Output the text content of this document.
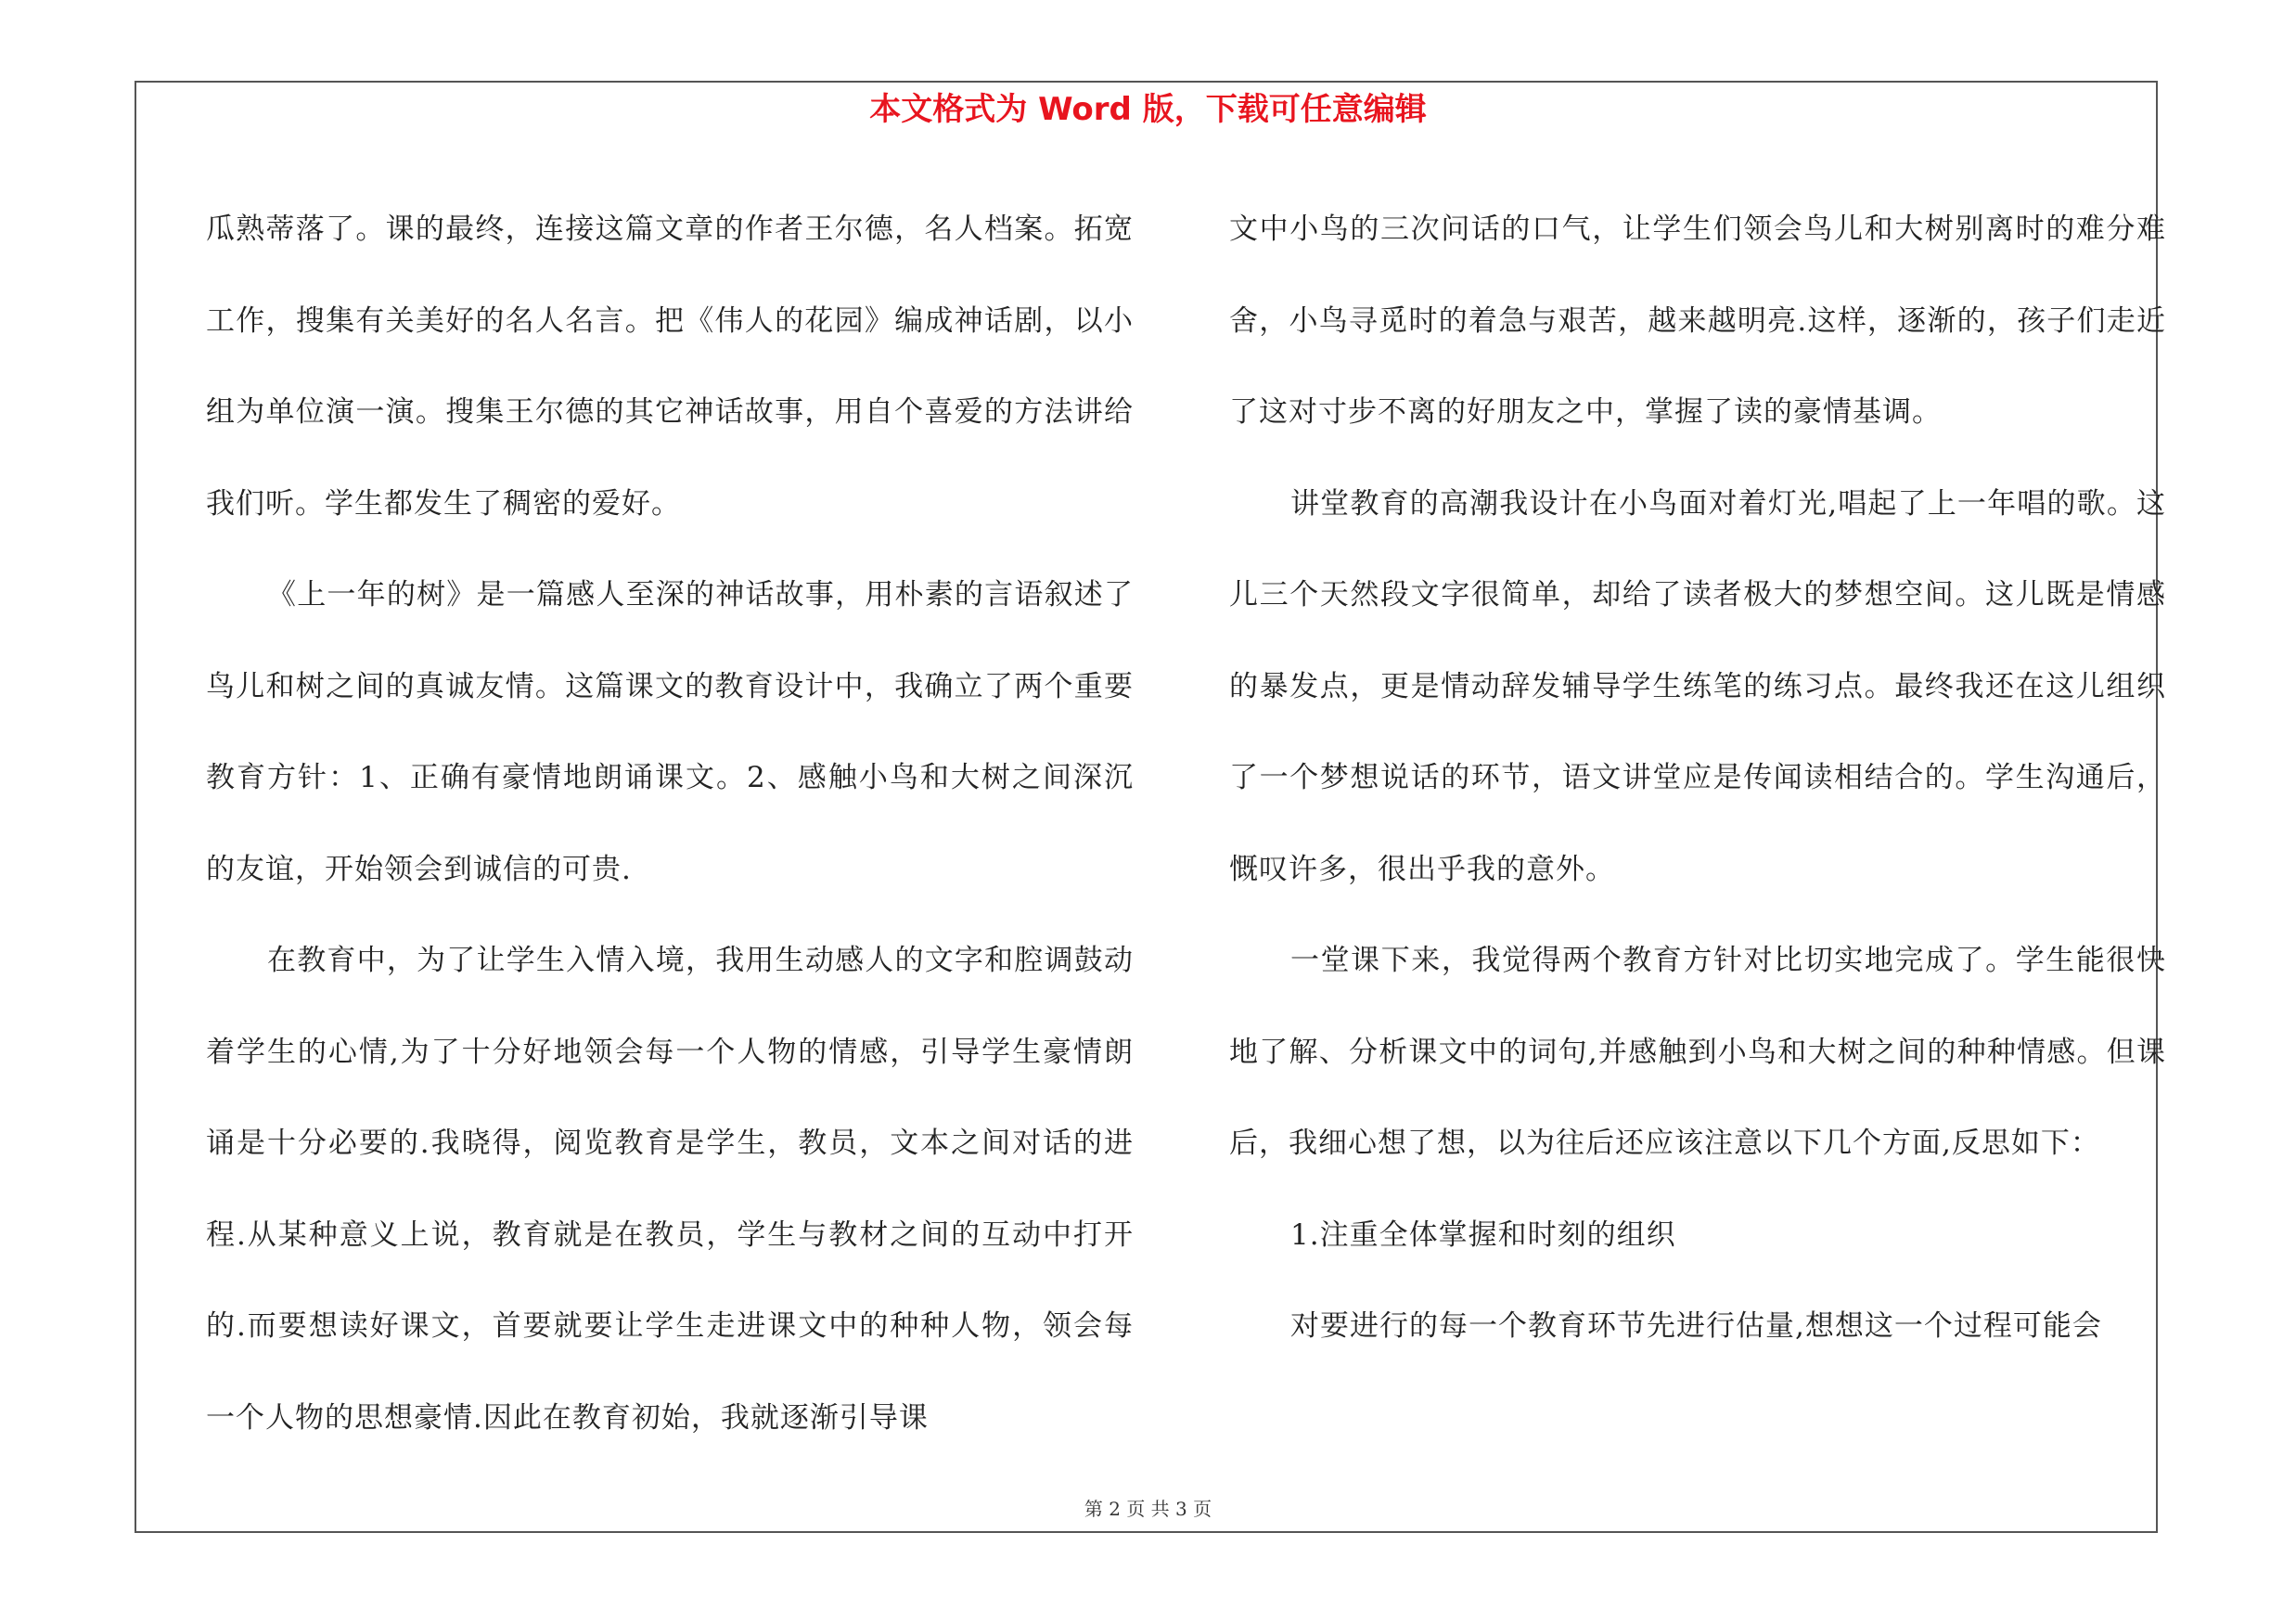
本文格式为 Word 版，下载可任意编辑

瓜熟蒂落了。课的最终，连接这篇文章的作者王尔德，名人档案。拓宽工作，搜集有关美好的名人名言。把《伟人的花园》编成神话剧，以小组为单位演一演。搜集王尔德的其它神话故事，用自个喜爱的方法讲给我们听。学生都发生了稠密的爱好。

《上一年的树》是一篇感人至深的神话故事，用朴素的言语叙述了鸟儿和树之间的真诚友情。这篇课文的教育设计中，我确立了两个重要教育方针：1、正确有豪情地朗诵课文。2、感触小鸟和大树之间深沉的友谊，开始领会到诚信的可贵.

在教育中，为了让学生入情入境，我用生动感人的文字和腔调鼓动着学生的心情,为了十分好地领会每一个人物的情感，引导学生豪情朗诵是十分必要的.我晓得，阅览教育是学生，教员，文本之间对话的进程.从某种意义上说，教育就是在教员，学生与教材之间的互动中打开的.而要想读好课文，首要就要让学生走进课文中的种种人物，领会每一个人物的思想豪情.因此在教育初始，我就逐渐引导课

文中小鸟的三次问话的口气，让学生们领会鸟儿和大树别离时的难分难舍，小鸟寻觅时的着急与艰苦，越来越明亮.这样，逐渐的，孩子们走近了这对寸步不离的好朋友之中，掌握了读的豪情基调。

讲堂教育的高潮我设计在小鸟面对着灯光,唱起了上一年唱的歌。这儿三个天然段文字很简单，却给了读者极大的梦想空间。这儿既是情感的暴发点，更是情动辞发辅导学生练笔的练习点。最终我还在这儿组织了一个梦想说话的环节，语文讲堂应是传闻读相结合的。学生沟通后，慨叹许多，很出乎我的意外。

一堂课下来，我觉得两个教育方针对比切实地完成了。学生能很快地了解、分析课文中的词句,并感触到小鸟和大树之间的种种情感。但课后，我细心想了想，以为往后还应该注意以下几个方面,反思如下：

1.注重全体掌握和时刻的组织

对要进行的每一个教育环节先进行估量,想想这一个过程可能会

第 2 页 共 3 页
